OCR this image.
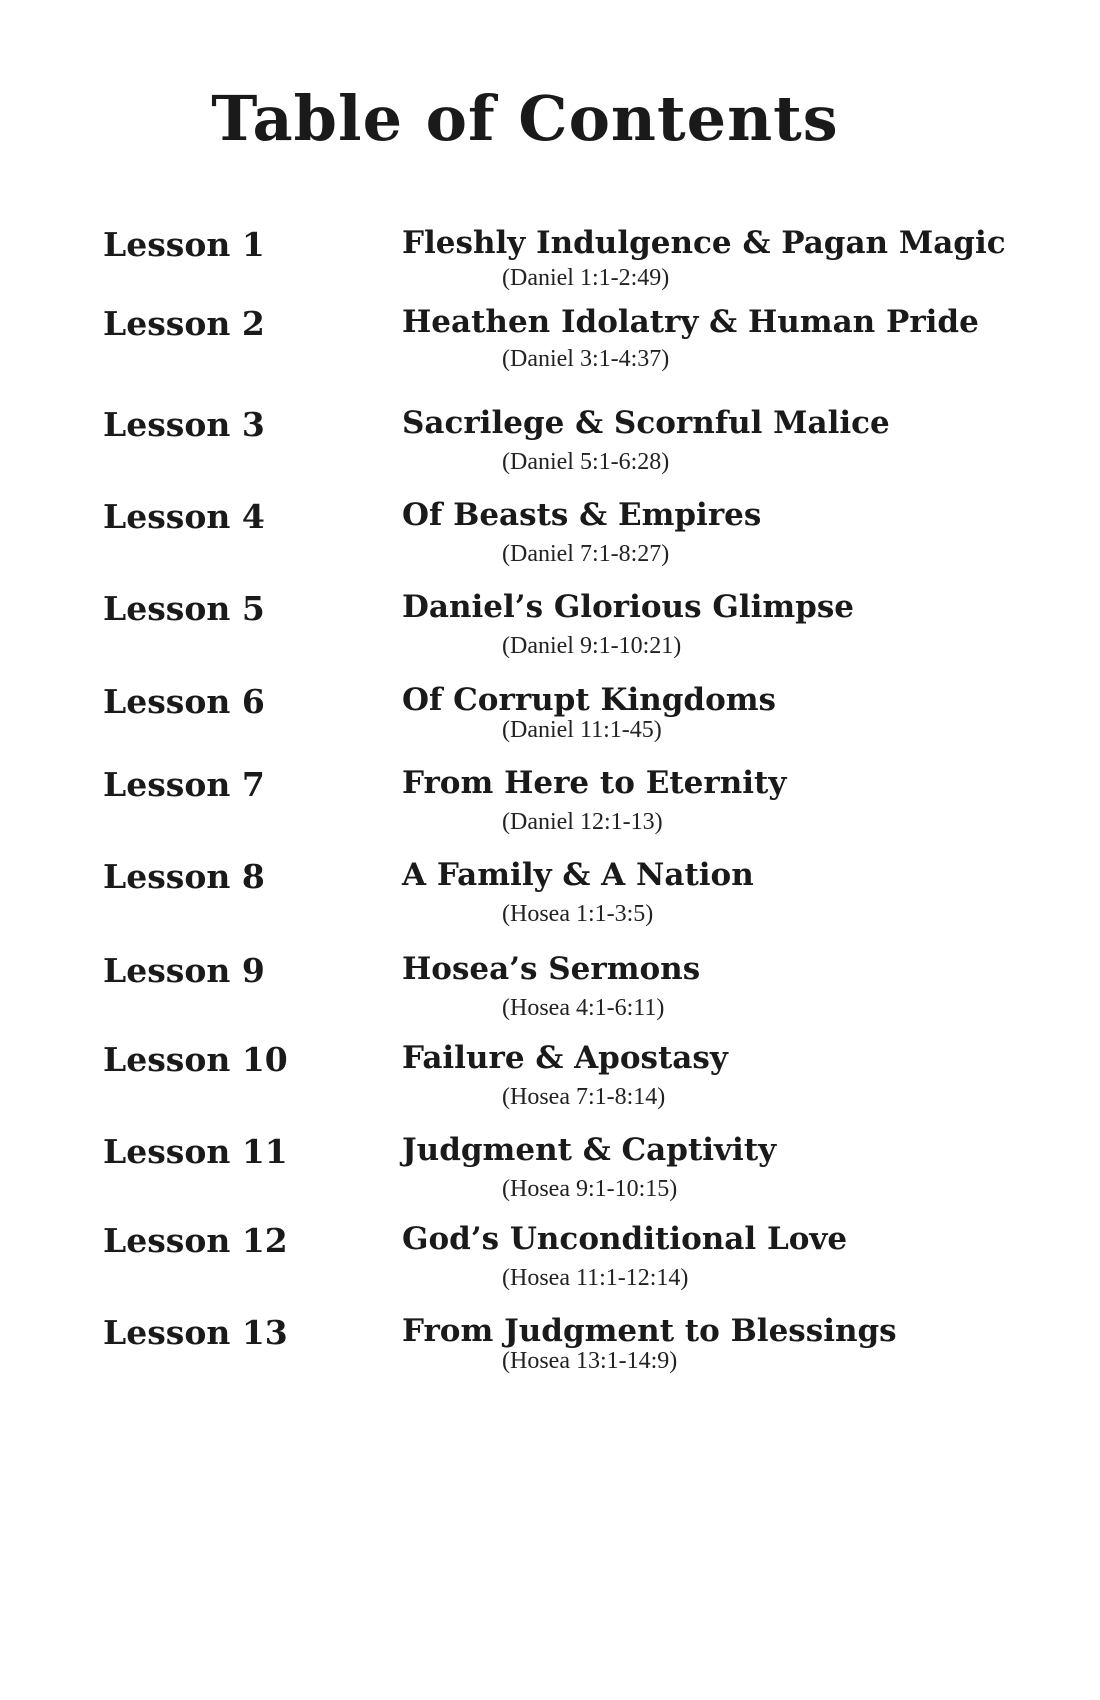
Table of Contents
Lesson 1	Fleshly Indulgence & Pagan Magic
(Daniel 1:1-2:49)
Lesson 2	Heathen Idolatry & Human Pride
(Daniel 3:1-4:37)
Lesson 3	Sacrilege & Scornful Malice
(Daniel 5:1-6:28)
Lesson 4	Of Beasts & Empires
(Daniel 7:1-8:27)
Lesson 5	Daniel’s Glorious Glimpse
(Daniel 9:1-10:21)
Lesson 6	Of Corrupt Kingdoms
(Daniel 11:1-45)
Lesson 7	From Here to Eternity
(Daniel 12:1-13)
Lesson 8	A Family & A Nation
(Hosea 1:1-3:5)
Lesson 9	Hosea’s Sermons
(Hosea 4:1-6:11)
Lesson 10	Failure & Apostasy
(Hosea 7:1-8:14)
Lesson 11	Judgment & Captivity
(Hosea 9:1-10:15)
Lesson 12	God’s Unconditional Love
(Hosea 11:1-12:14)
Lesson 13	From Judgment to Blessings
(Hosea 13:1-14:9)
